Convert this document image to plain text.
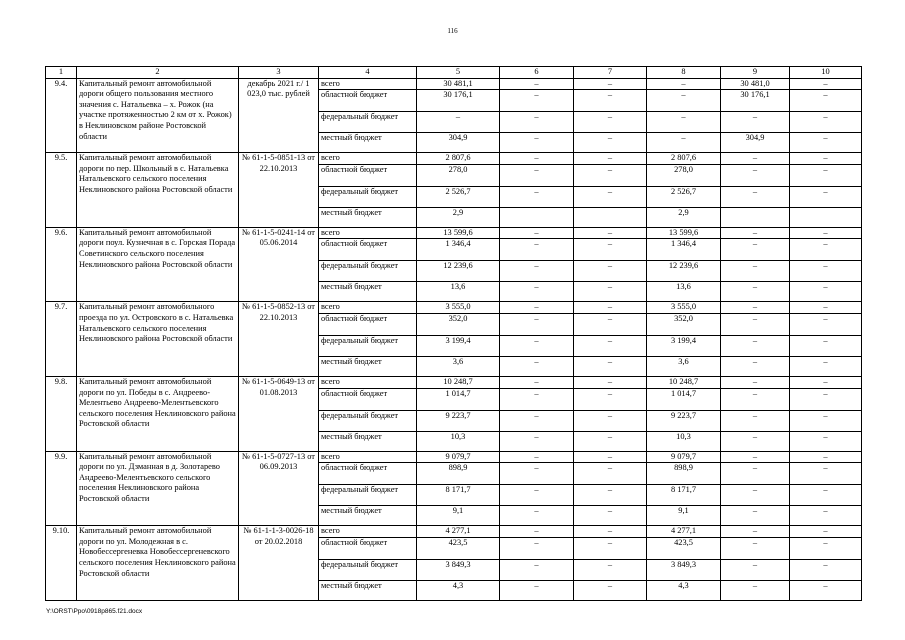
116
1	2	3	4	5	6	7	8	9	10
9.4.	Капитальный ремонт автомобильной дороги общего пользования местного значения с. Натальевка – х. Рожок (на участке протяженностью 2 км от х. Рожок) в Неклиновском районе Ростовской области	декабрь 2021 г./ 1 023,0 тыс. рублей	всего	30 481,1	–	–	–	30 481,0	–
			областной бюджет	30 176,1	–	–	–	30 176,1	–
			федеральный бюджет	–	–	–	–	–	–
			местный бюджет	304,9	–	–	–	304,9	–
9.5.	Капитальный ремонт автомобильной дороги по пер. Школьный в с. Натальевка Натальевского сельского поселения Неклиновского района Ростовской области	№ 61-1-5-0851-13 от 22.10.2013	всего	2 807,6	–	–	2 807,6	–	–
			областной бюджет	278,0	–	–	278,0	–	–
			федеральный бюджет	2 526,7	–	–	2 526,7	–	–
			местный бюджет	2,9			2,9		
9.6.	Капитальный ремонт автомобильной дороги поул. Кузнечная в с. Горская Порада Советинского сельского поселения Неклиновского района Ростовской области	№ 61-1-5-0241-14 от 05.06.2014	всего	13 599,6	–	–	13 599,6	–	–
			областной бюджет	1 346,4	–	–	1 346,4	–	–
			федеральный бюджет	12 239,6	–	–	12 239,6	–	–
			местный бюджет	13,6	–	–	13,6	–	–
9.7.	Капитальный ремонт автомобильного проезда по ул. Островского в с. Натальевка Натальевского сельского поселения Неклиновского района Ростовской области	№ 61-1-5-0852-13 от 22.10.2013	всего	3 555,0	–	–	3 555,0	–	–
			областной бюджет	352,0	–	–	352,0	–	–
			федеральный бюджет	3 199,4	–	–	3 199,4	–	–
			местный бюджет	3,6	–	–	3,6	–	–
9.8.	Капитальный ремонт автомобильной дороги по ул. Победы в с. Андреево-Мелентьево Андреево-Мелентьевского сельского поселения Неклиновского района Ростовской области	№ 61-1-5-0649-13 от 01.08.2013	всего	10 248,7	–	–	10 248,7	–	–
			областной бюджет	1 014,7	–	–	1 014,7	–	–
			федеральный бюджет	9 223,7	–	–	9 223,7	–	–
			местный бюджет	10,3	–	–	10,3	–	–
9.9.	Капитальный ремонт автомобильной дороги по ул. Дзманная в д. Золотарево Андреево-Мелентьевского сельского поселения Неклиновского района Ростовской области	№ 61-1-5-0727-13 от 06.09.2013	всего	9 079,7	–	–	9 079,7	–	–
			областной бюджет	898,9	–	–	898,9	–	–
			федеральный бюджет	8 171,7	–	–	8 171,7	–	–
			местный бюджет	9,1	–	–	9,1	–	–
9.10.	Капитальный ремонт автомобильной дороги по ул. Молодежная в с. Новобессергеневка Новобессергеневского сельского поселения Неклиновского района Ростовской области	№ 61-1-1-3-0026-18 от 20.02.2018	всего	4 277,1	–	–	4 277,1	–	–
			областной бюджет	423,5	–	–	423,5	–	–
			федеральный бюджет	3 849,3	–	–	3 849,3	–	–
			местный бюджет	4,3	–	–	4,3	–	–
Y:\ORST\Ppo\0918p865.f21.docx
